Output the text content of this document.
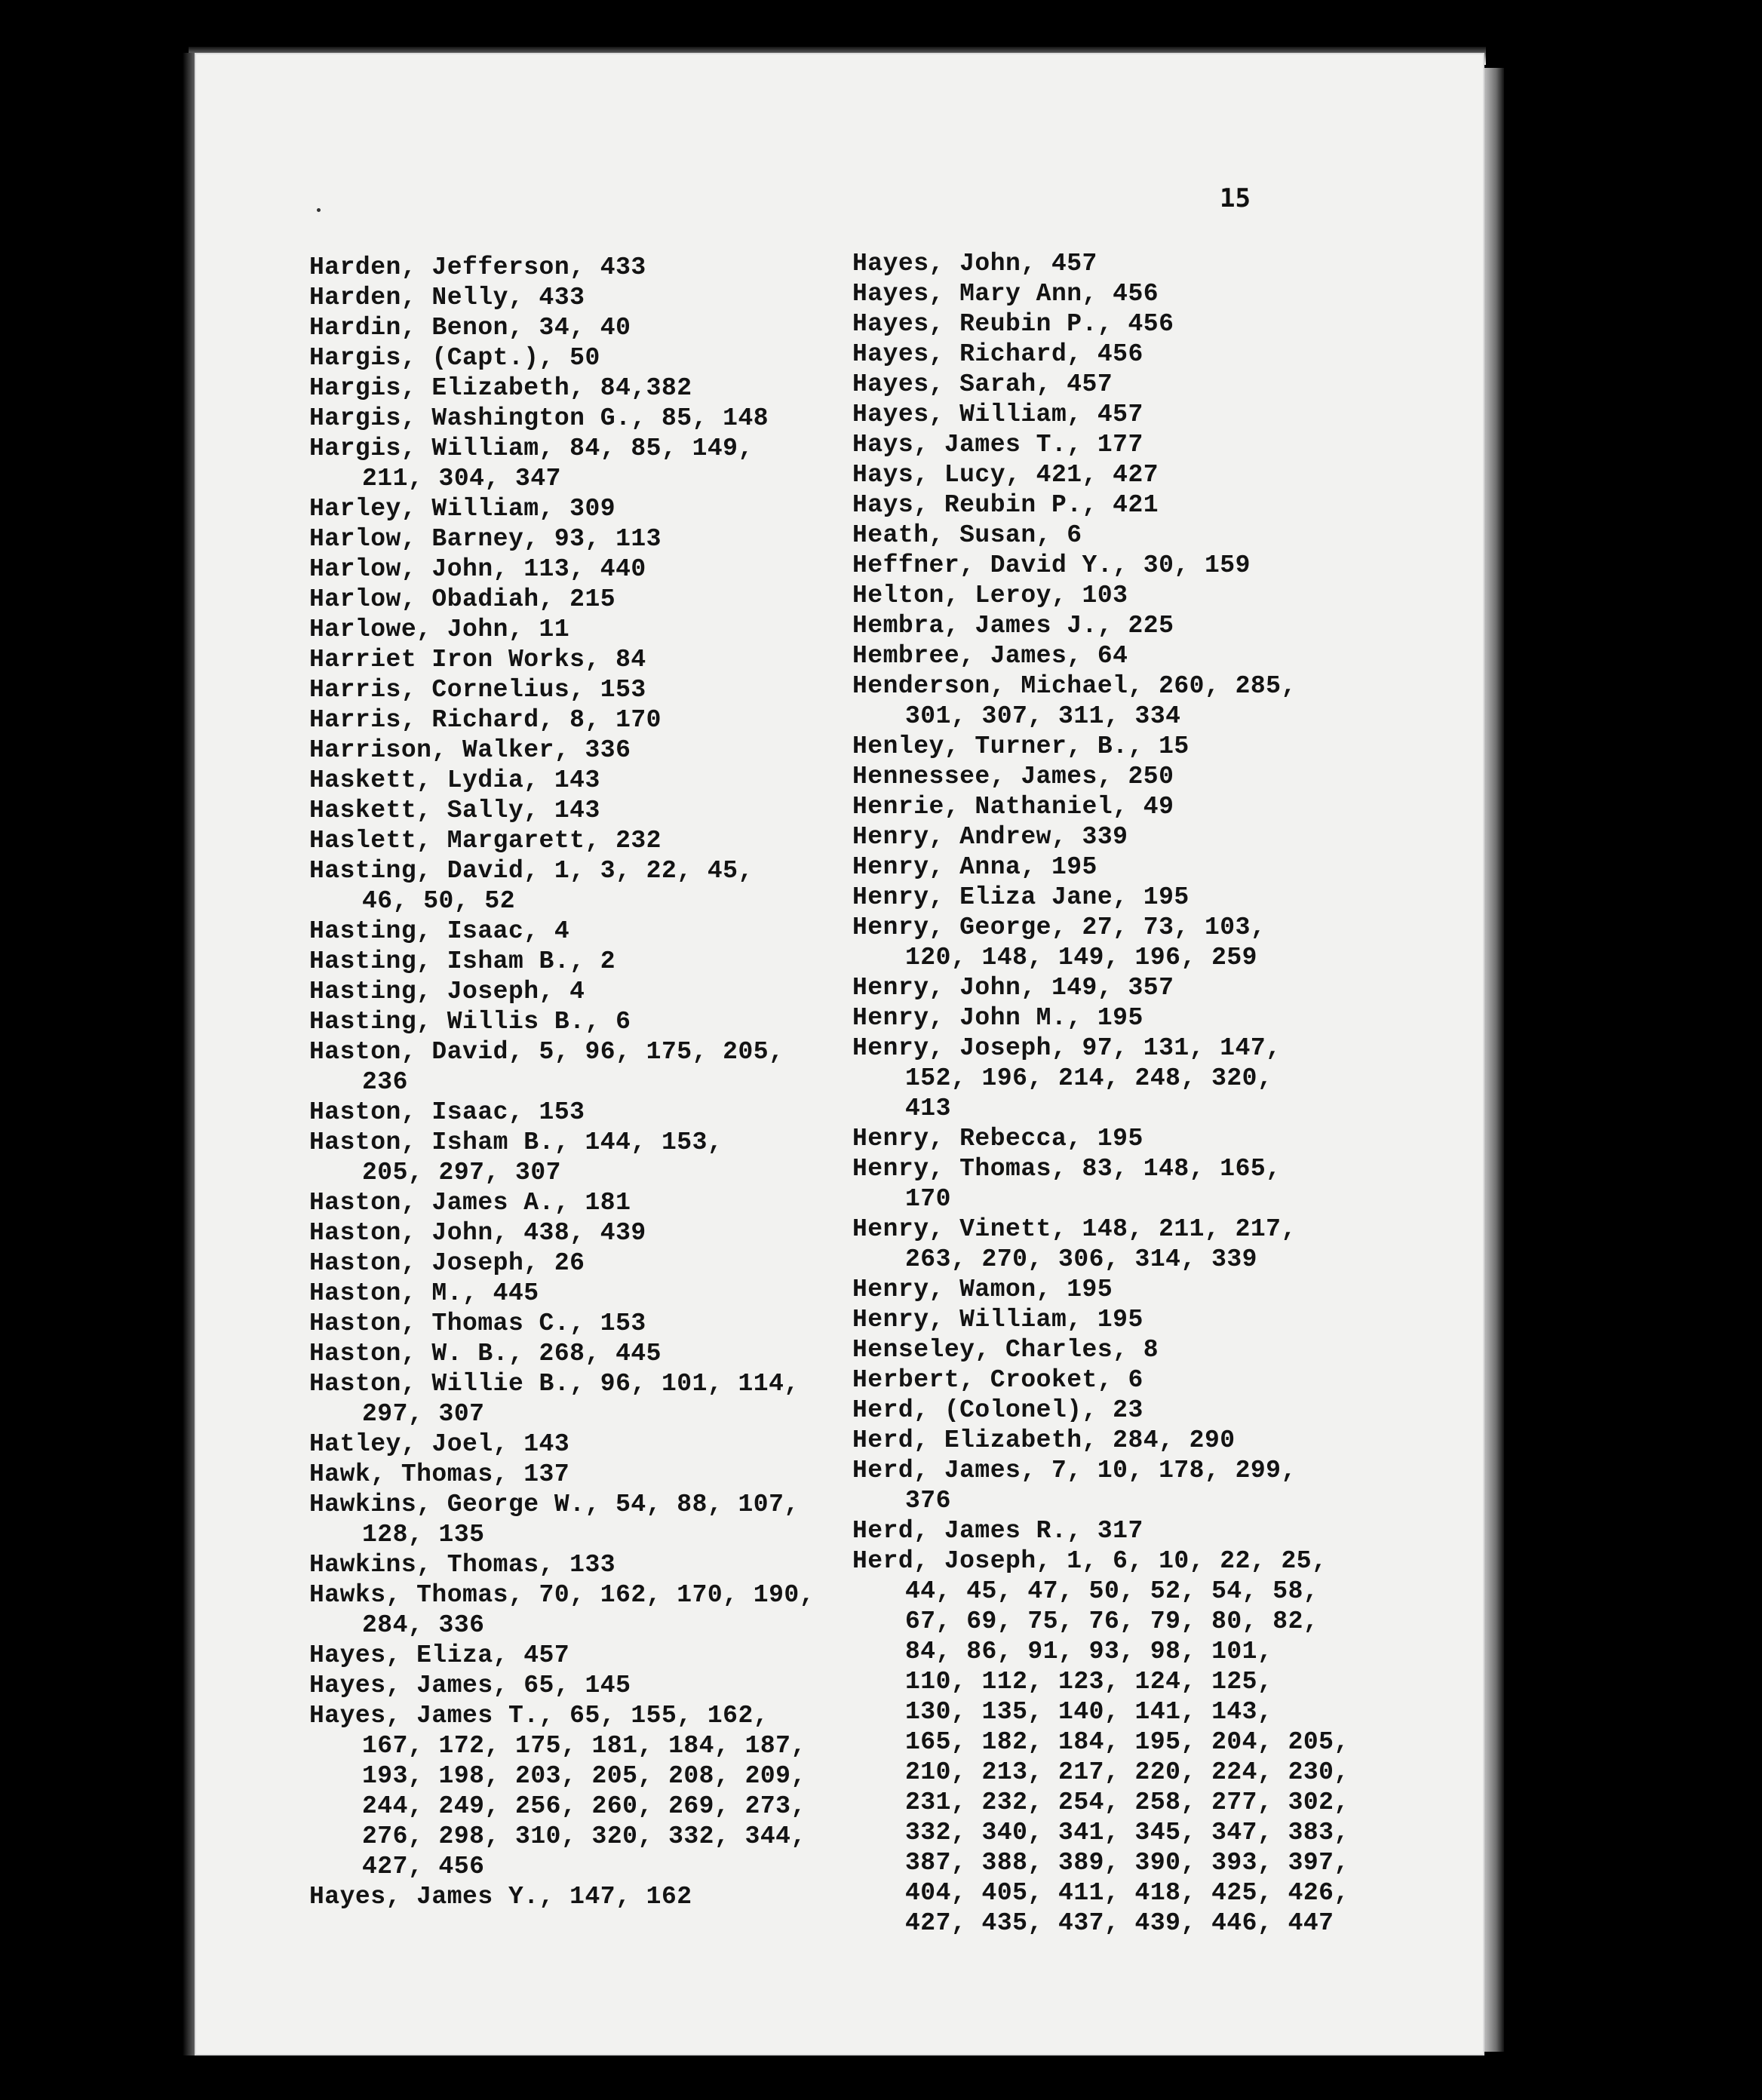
15
Harden, Jefferson, 433
Harden, Nelly, 433
Hardin, Benon, 34, 40
Hargis, (Capt.), 50
Hargis, Elizabeth, 84,382
Hargis, Washington G., 85, 148
Hargis, William, 84, 85, 149,
211, 304, 347
Harley, William, 309
Harlow, Barney, 93, 113
Harlow, John, 113, 440
Harlow, Obadiah, 215
Harlowe, John, 11
Harriet Iron Works, 84
Harris, Cornelius, 153
Harris, Richard, 8, 170
Harrison, Walker, 336
Haskett, Lydia, 143
Haskett, Sally, 143
Haslett, Margarett, 232
Hasting, David, 1, 3, 22, 45,
46, 50, 52
Hasting, Isaac, 4
Hasting, Isham B., 2
Hasting, Joseph, 4
Hasting, Willis B., 6
Haston, David, 5, 96, 175, 205,
236
Haston, Isaac, 153
Haston, Isham B., 144, 153,
205, 297, 307
Haston, James A., 181
Haston, John, 438, 439
Haston, Joseph, 26
Haston, M., 445
Haston, Thomas C., 153
Haston, W. B., 268, 445
Haston, Willie B., 96, 101, 114,
297, 307
Hatley, Joel, 143
Hawk, Thomas, 137
Hawkins, George W., 54, 88, 107,
128, 135
Hawkins, Thomas, 133
Hawks, Thomas, 70, 162, 170, 190,
284, 336
Hayes, Eliza, 457
Hayes, James, 65, 145
Hayes, James T., 65, 155, 162,
167, 172, 175, 181, 184, 187,
193, 198, 203, 205, 208, 209,
244, 249, 256, 260, 269, 273,
276, 298, 310, 320, 332, 344,
427, 456
Hayes, James Y., 147, 162
Hayes, John, 457
Hayes, Mary Ann, 456
Hayes, Reubin P., 456
Hayes, Richard, 456
Hayes, Sarah, 457
Hayes, William, 457
Hays, James T., 177
Hays, Lucy, 421, 427
Hays, Reubin P., 421
Heath, Susan, 6
Heffner, David Y., 30, 159
Helton, Leroy, 103
Hembra, James J., 225
Hembree, James, 64
Henderson, Michael, 260, 285,
301, 307, 311, 334
Henley, Turner, B., 15
Hennessee, James, 250
Henrie, Nathaniel, 49
Henry, Andrew, 339
Henry, Anna, 195
Henry, Eliza Jane, 195
Henry, George, 27, 73, 103,
120, 148, 149, 196, 259
Henry, John, 149, 357
Henry, John M., 195
Henry, Joseph, 97, 131, 147,
152, 196, 214, 248, 320,
413
Henry, Rebecca, 195
Henry, Thomas, 83, 148, 165,
170
Henry, Vinett, 148, 211, 217,
263, 270, 306, 314, 339
Henry, Wamon, 195
Henry, William, 195
Henseley, Charles, 8
Herbert, Crooket, 6
Herd, (Colonel), 23
Herd, Elizabeth, 284, 290
Herd, James, 7, 10, 178, 299,
376
Herd, James R., 317
Herd, Joseph, 1, 6, 10, 22, 25,
44, 45, 47, 50, 52, 54, 58,
67, 69, 75, 76, 79, 80, 82,
84, 86, 91, 93, 98, 101,
110, 112, 123, 124, 125,
130, 135, 140, 141, 143,
165, 182, 184, 195, 204, 205,
210, 213, 217, 220, 224, 230,
231, 232, 254, 258, 277, 302,
332, 340, 341, 345, 347, 383,
387, 388, 389, 390, 393, 397,
404, 405, 411, 418, 425, 426,
427, 435, 437, 439, 446, 447
